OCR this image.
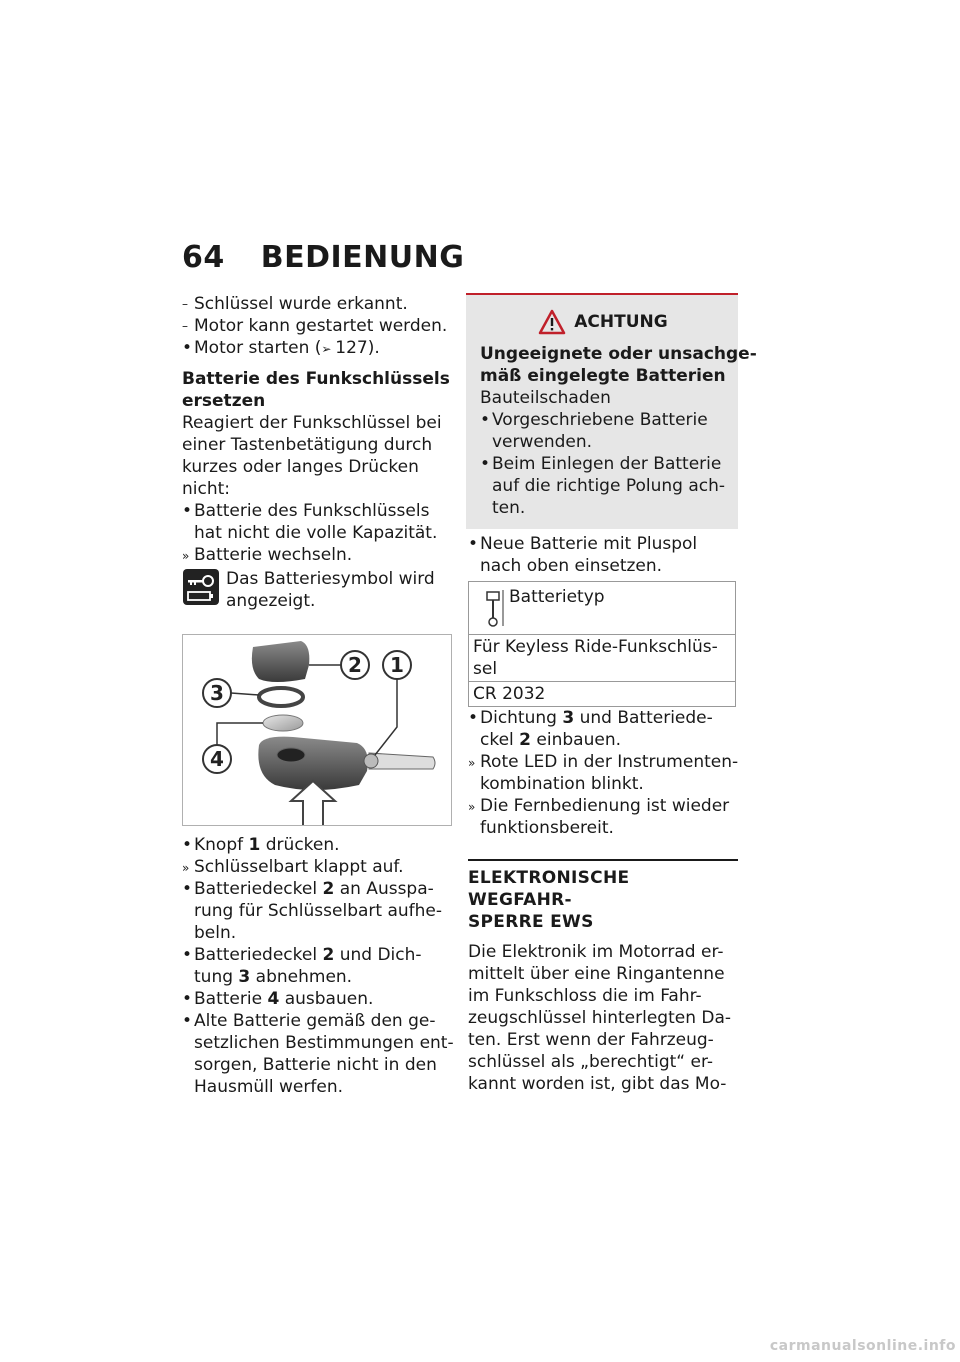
64 BEDIENUNG
– Schlüssel wurde erkannt.
– Motor kann gestartet werden.
• Motor starten (➢ 127).
Batterie des Funkschlüssels
ersetzen
Reagiert der Funkschlüssel bei
einer Tastenbetätigung durch
kurzes oder langes Drücken
nicht:
• Batterie des Funkschlüssels
hat nicht die volle Kapazität.
» Batterie wechseln.
Das Batteriesymbol wird
angezeigt.
2 1
3
4
• Knopf 1 drücken.
» Schlüsselbart klappt auf.
• Batteriedeckel 2 an Ausspa-
rung für Schlüsselbart aufhe-
beln.
• Batteriedeckel 2 und Dich-
tung 3 abnehmen.
• Batterie 4 ausbauen.
• Alte Batterie gemäß den ge-
setzlichen Bestimmungen ent-
sorgen, Batterie nicht in den
Hausmüll werfen.
ACHTUNG
Ungeeignete oder unsachge-
mäß eingelegte Batterien
Bauteilschaden
• Vorgeschriebene Batterie
verwenden.
• Beim Einlegen der Batterie
auf die richtige Polung ach-
ten.
• Neue Batterie mit Pluspol
nach oben einsetzen.
Batterietyp

Für Keyless Ride-Funkschlüs-
sel

CR 2032
• Dichtung 3 und Batteriede-
ckel 2 einbauen.
» Rote LED in der Instrumenten-
kombination blinkt.
» Die Fernbedienung ist wieder
funktionsbereit.
ELEKTRONISCHE WEGFAHR-
SPERRE EWS
Die Elektronik im Motorrad er-
mittelt über eine Ringantenne
im Funkschloss die im Fahr-
zeugschlüssel hinterlegten Da-
ten. Erst wenn der Fahrzeug-
schlüssel als „berechtigt“ er-
kannt worden ist, gibt das Mo-
carmanualsonline.info
